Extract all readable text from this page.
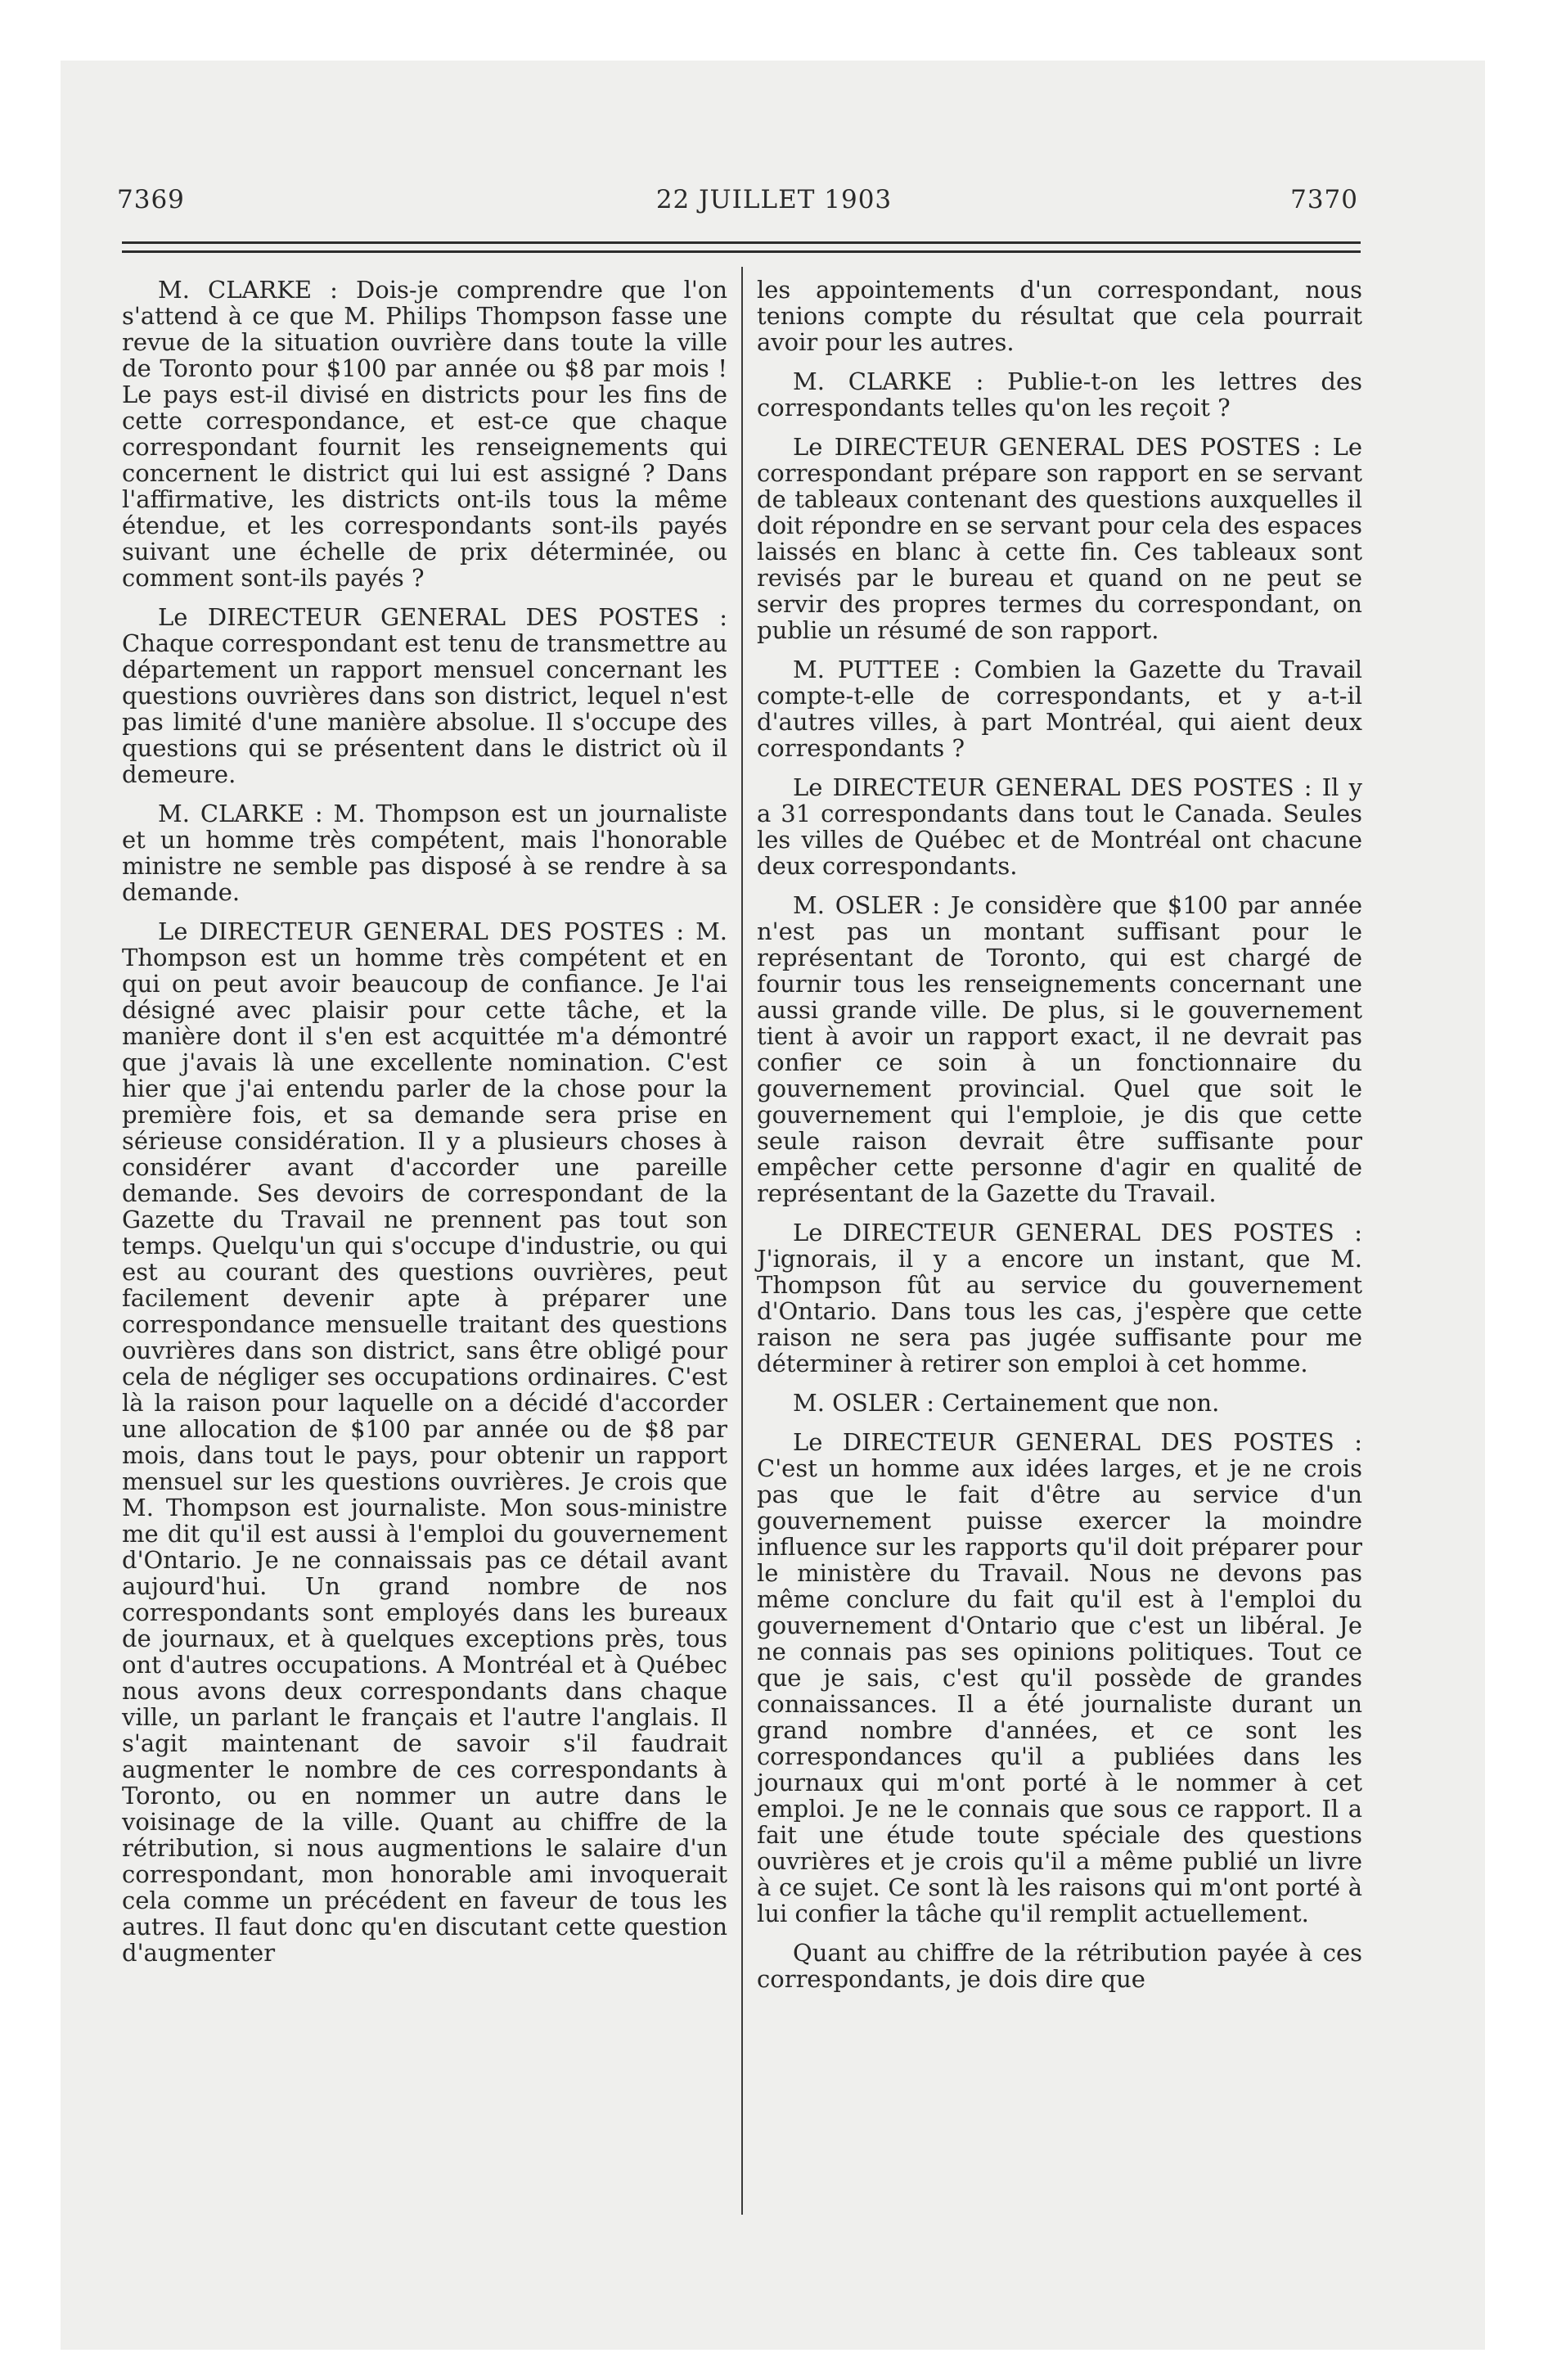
7369	22 JUILLET 1903	7370

M. CLARKE : Dois-je comprendre que l'on s'attend à ce que M. Philips Thompson fasse une revue de la situation ouvrière dans toute la ville de Toronto pour $100 par année ou $8 par mois ! Le pays est-il divisé en districts pour les fins de cette correspondance, et est-ce que chaque correspondant fournit les renseignements qui concernent le district qui lui est assigné ? Dans l'affirmative, les districts ont-ils tous la même étendue, et les correspondants sont-ils payés suivant une échelle de prix déterminée, ou comment sont-ils payés ?

Le DIRECTEUR GENERAL DES POSTES : Chaque correspondant est tenu de transmettre au département un rapport mensuel concernant les questions ouvrières dans son district, lequel n'est pas limité d'une manière absolue. Il s'occupe des questions qui se présentent dans le district où il demeure.

M. CLARKE : M. Thompson est un journaliste et un homme très compétent, mais l'honorable ministre ne semble pas disposé à se rendre à sa demande.

Le DIRECTEUR GENERAL DES POSTES : M. Thompson est un homme très compétent et en qui on peut avoir beaucoup de confiance. Je l'ai désigné avec plaisir pour cette tâche, et la manière dont il s'en est acquittée m'a démontré que j'avais là une excellente nomination. C'est hier que j'ai entendu parler de la chose pour la première fois, et sa demande sera prise en sérieuse considération. Il y a plusieurs choses à considérer avant d'accorder une pareille demande. Ses devoirs de correspondant de la Gazette du Travail ne prennent pas tout son temps. Quelqu'un qui s'occupe d'industrie, ou qui est au courant des questions ouvrières, peut facilement devenir apte à préparer une correspondance mensuelle traitant des questions ouvrières dans son district, sans être obligé pour cela de négliger ses occupations ordinaires. C'est là la raison pour laquelle on a décidé d'accorder une allocation de $100 par année ou de $8 par mois, dans tout le pays, pour obtenir un rapport mensuel sur les questions ouvrières. Je crois que M. Thompson est journaliste. Mon sous-ministre me dit qu'il est aussi à l'emploi du gouvernement d'Ontario. Je ne connaissais pas ce détail avant aujourd'hui. Un grand nombre de nos correspondants sont employés dans les bureaux de journaux, et à quelques exceptions près, tous ont d'autres occupations. A Montréal et à Québec nous avons deux correspondants dans chaque ville, un parlant le français et l'autre l'anglais. Il s'agit maintenant de savoir s'il faudrait augmenter le nombre de ces correspondants à Toronto, ou en nommer un autre dans le voisinage de la ville. Quant au chiffre de la rétribution, si nous augmentions le salaire d'un correspondant, mon honorable ami invoquerait cela comme un précédent en faveur de tous les autres. Il faut donc qu'en discutant cette question d'augmenter

les appointements d'un correspondant, nous tenions compte du résultat que cela pourrait avoir pour les autres.

M. CLARKE : Publie-t-on les lettres des correspondants telles qu'on les reçoit ?

Le DIRECTEUR GENERAL DES POSTES : Le correspondant prépare son rapport en se servant de tableaux contenant des questions auxquelles il doit répondre en se servant pour cela des espaces laissés en blanc à cette fin. Ces tableaux sont revisés par le bureau et quand on ne peut se servir des propres termes du correspondant, on publie un résumé de son rapport.

M. PUTTEE : Combien la Gazette du Travail compte-t-elle de correspondants, et y a-t-il d'autres villes, à part Montréal, qui aient deux correspondants ?

Le DIRECTEUR GENERAL DES POSTES : Il y a 31 correspondants dans tout le Canada. Seules les villes de Québec et de Montréal ont chacune deux correspondants.

M. OSLER : Je considère que $100 par année n'est pas un montant suffisant pour le représentant de Toronto, qui est chargé de fournir tous les renseignements concernant une aussi grande ville. De plus, si le gouvernement tient à avoir un rapport exact, il ne devrait pas confier ce soin à un fonctionnaire du gouvernement provincial. Quel que soit le gouvernement qui l'emploie, je dis que cette seule raison devrait être suffisante pour empêcher cette personne d'agir en qualité de représentant de la Gazette du Travail.

Le DIRECTEUR GENERAL DES POSTES : J'ignorais, il y a encore un instant, que M. Thompson fût au service du gouvernement d'Ontario. Dans tous les cas, j'espère que cette raison ne sera pas jugée suffisante pour me déterminer à retirer son emploi à cet homme.

M. OSLER : Certainement que non.

Le DIRECTEUR GENERAL DES POSTES : C'est un homme aux idées larges, et je ne crois pas que le fait d'être au service d'un gouvernement puisse exercer la moindre influence sur les rapports qu'il doit préparer pour le ministère du Travail. Nous ne devons pas même conclure du fait qu'il est à l'emploi du gouvernement d'Ontario que c'est un libéral. Je ne connais pas ses opinions politiques. Tout ce que je sais, c'est qu'il possède de grandes connaissances. Il a été journaliste durant un grand nombre d'années, et ce sont les correspondances qu'il a publiées dans les journaux qui m'ont porté à le nommer à cet emploi. Je ne le connais que sous ce rapport. Il a fait une étude toute spéciale des questions ouvrières et je crois qu'il a même publié un livre à ce sujet. Ce sont là les raisons qui m'ont porté à lui confier la tâche qu'il remplit actuellement.

Quant au chiffre de la rétribution payée à ces correspondants, je dois dire que
